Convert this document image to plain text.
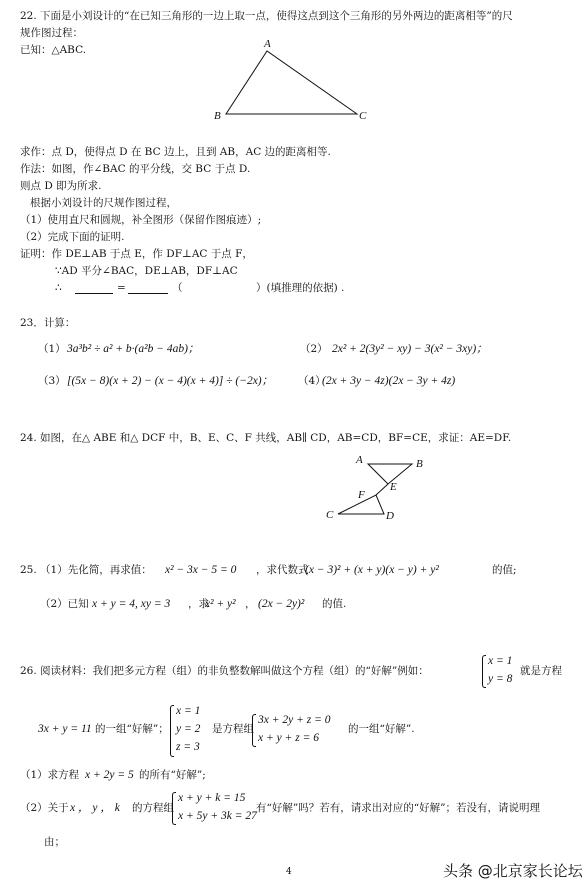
22. 下面是小刘设计的“在已知三角形的一边上取一点，使得这点到这个三角形的另外两边的距离相等”的尺
规作图过程：
已知：△ABC.	A
B	C
求作：点 D，使得点 D 在 BC 边上，且到 AB，AC 边的距离相等.
作法：如图，作∠BAC 的平分线，交 BC 于点 D.
则点 D 即为所求.
根据小刘设计的尺规作图过程，
（1）使用直尺和圆规，补全图形（保留作图痕迹）;
（2）完成下面的证明.
证明：作 DE⊥AB 于点 E，作 DF⊥AC 于点 F，
∵AD 平分∠BAC，DE⊥AB，DF⊥AC
∴	=	（	）(填推理的依据) .
23．计算：
（1） 3a³b² ÷ a² + b·(a²b − 4ab)；	（2） 2x² + 2(3y² − xy) − 3(x² − 3xy)；
（3） [(5x − 8)(x + 2) − (x − 4)(x + 4)] ÷ (−2x)； （4）
(2x + 3y − 4z)(2x − 3y + 4z)
24. 如图，在△ ABE 和△ DCF 中，B、E、C、F 共线，AB∥ CD，AB=CD，BF=CE，求证：AE=DF.
A	B
E
F
C	D
25. （1）先化简，再求值： x² − 3x − 5 = 0 ，求代数式
(x − 3)² + (x + y)(x − y) + y²	的值;
（2）已知 x + y = 4, xy = 3 ，求
x² + y² ， (2x − 2y)² 的值.
26. 阅读材料：我们把多元方程（组）的非负整数解叫做这个方程（组）的“好解”例如：
x = 1
y = 8
就是方程
3x + y = 11 的一组“好解”；
x = 1
y = 2
z = 3
是方程组
3x + 2y + z = 0
x + y + z = 6
的一组“好解”.
（1）求方程 x + 2y = 5 的所有“好解”;
（2）关于 x ， y ， k 的方程组
x + y + k = 15
x + 5y + 3k = 27
有“好解”吗？若有，请求出对应的“好解”；若没有，请说明理
由；
4	头条 @北京家长论坛
